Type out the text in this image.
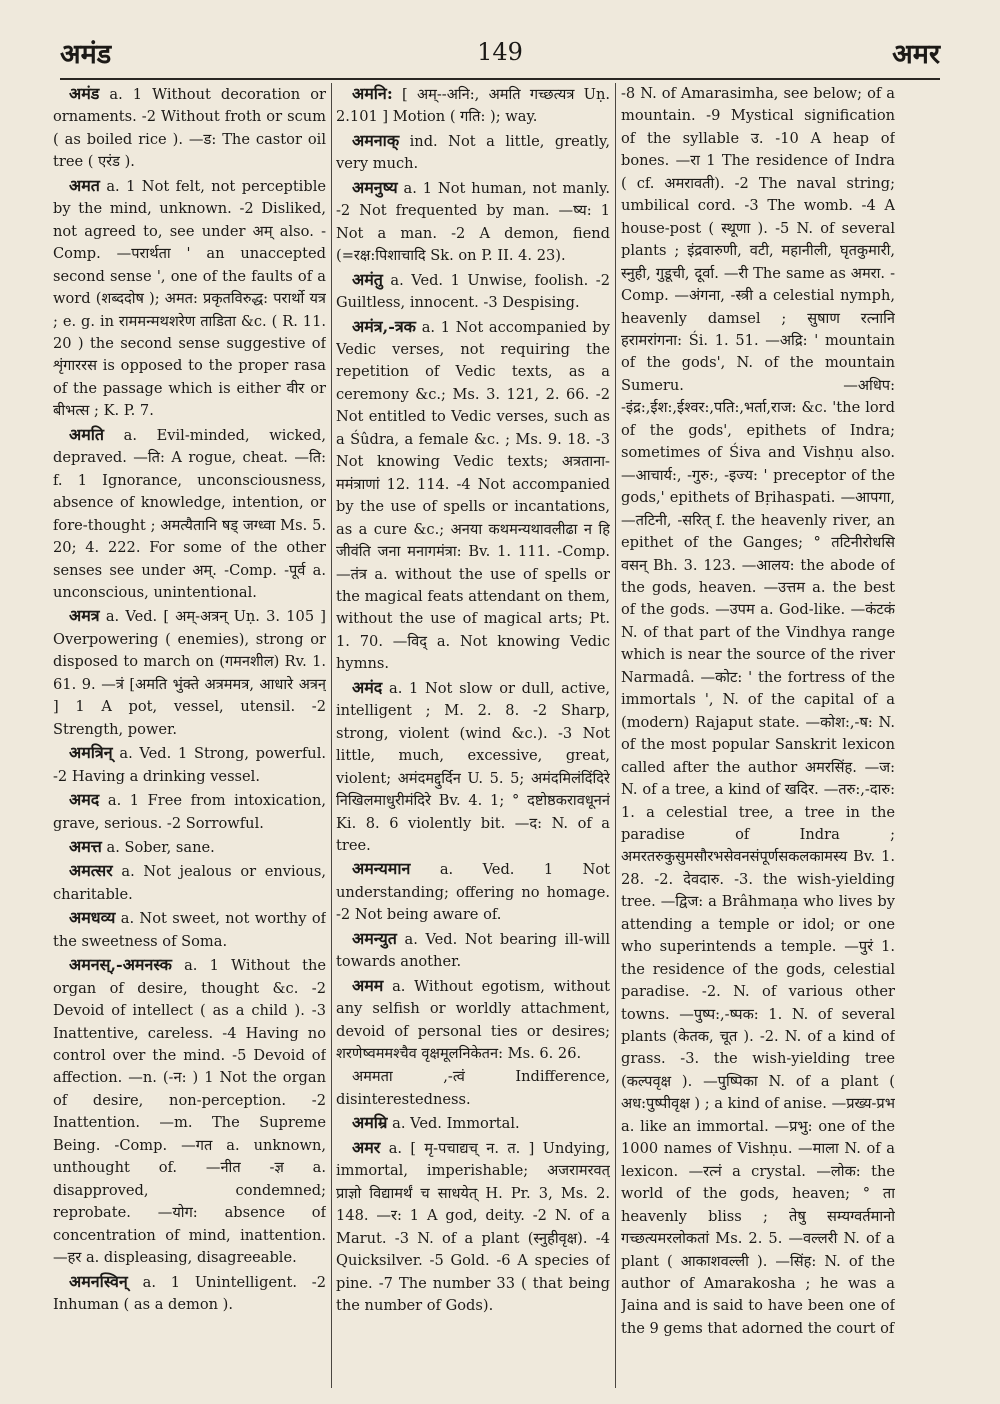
अमंड	149	अमर

अमंड a. 1 Without decoration or ornaments. -2 Without froth or scum ( as boiled rice ). —ड: The castor oil tree ( एरंड ).

अमत a. 1 Not felt, not perceptible by the mind, unknown. -2 Disliked, not agreed to, see under अम् also. -Comp. —परार्थता ' an unaccepted second sense ', one of the faults of a word (शब्ददोष ); अमत: प्रकृतविरुद्ध: परार्थो यत्र ; e. g. in राममन्मथशरेण ताडिता &c. ( R. 11. 20 ) the second sense suggestive of शृंगाररस is opposed to the proper rasa of the passage which is either वीर or बीभत्स ; K. P. 7.

अमति a. Evil-minded, wicked, depraved. —ति: A rogue, cheat. —ति: f. 1 Ignorance, unconsciousness, absence of knowledge, intention, or fore-thought ; अमत्यैतानि षड् जग्ध्वा Ms. 5. 20; 4. 222. For some of the other senses see under अम्. -Comp. -पूर्व a. unconscious, unintentional.

अमत्र a. Ved. [ अम्-अत्रन् Uṇ. 3. 105 ] Overpowering ( enemies), strong or disposed to march on (गमनशील) Rv. 1. 61. 9. —त्रं [अमति भुंक्ते अत्रममत्र, आधारे अत्रन् ] 1 A pot, vessel, utensil. -2 Strength, power.

अमत्रिन् a. Ved. 1 Strong, powerful. -2 Having a drinking vessel.

अमद a. 1 Free from intoxication, grave, serious. -2 Sorrowful.

अमत्त a. Sober, sane.

अमत्सर a. Not jealous or envious, charitable.

अमधव्य a. Not sweet, not worthy of the sweetness of Soma.

अमनस्,-अमनस्क a. 1 Without the organ of desire, thought &c. -2 Devoid of intellect ( as a child ). -3 Inattentive, careless. -4 Having no control over the mind. -5 Devoid of affection. —n. (-न: ) 1 Not the organ of desire, non-perception. -2 Inattention. —m. The Supreme Being. -Comp. —गत a. unknown, unthought of. —नीत -ज्ञ a. disapproved, condemned; reprobate. —योग: absence of concentration of mind, inattention. —हर a. displeasing, disagreeable.

अमनस्विन् a. 1 Unintelligent. -2 Inhuman ( as a demon ).

अमनि: [ अम्--अनि:, अमति गच्छत्यत्र Uṇ. 2.101 ] Motion ( गति: ); way.

अमनाक् ind. Not a little, greatly, very much.

अमनुष्य a. 1 Not human, not manly. -2 Not frequented by man. —ष्य: 1 Not a man. -2 A demon, fiend (=रक्ष:पिशाचादि Sk. on P. II. 4. 23).

अमंतु a. Ved. 1 Unwise, foolish. -2 Guiltless, innocent. -3 Despising.

अमंत्र,-त्रक a. 1 Not accompanied by Vedic verses, not requiring the repetition of Vedic texts, as a ceremony &c.; Ms. 3. 121, 2. 66. -2 Not entitled to Vedic verses, such as a Śûdra, a female &c. ; Ms. 9. 18. -3 Not knowing Vedic texts; अत्रताना-ममंत्राणां 12. 114. -4 Not accompanied by the use of spells or incantations, as a cure &c.; अनया कथमन्यथावलीढा न हि जीवंति जना मनागमंत्रा: Bv. 1. 111. -Comp. —तंत्र a. without the use of spells or the magical feats attendant on them, without the use of magical arts; Pt. 1. 70. —विद् a. Not knowing Vedic hymns.

अमंद a. 1 Not slow or dull, active, intelligent ; M. 2. 8. -2 Sharp, strong, violent (wind &c.). -3 Not little, much, excessive, great, violent; अमंदमद्दुर्दिन U. 5. 5; अमंदमिलंदिंदिरे निखिलमाधुरीमंदिरे Bv. 4. 1; ° दष्टोष्ठकरावधूननं Ki. 8. 6 violently bit. —द: N. of a tree.

अमन्यमान a. Ved. 1 Not understanding; offering no homage. -2 Not being aware of.

अमन्युत a. Ved. Not bearing ill-will towards another.

अमम a. Without egotism, without any selfish or worldly attachment, devoid of personal ties or desires; शरणेष्वममश्चैव वृक्षमूलनिकेतन: Ms. 6. 26.

अममता ,-त्वं Indifference, disinterestedness.

अमम्रि a. Ved. Immortal.

अमर a. [ मृ-पचाद्यच् न. त. ] Undying, immortal, imperishable; अजरामरवत् प्राज्ञो विद्यामर्थं च साधयेत् H. Pr. 3, Ms. 2. 148. —र: 1 A god, deity. -2 N. of a Marut. -3 N. of a plant (स्नुहीवृक्ष). -4 Quicksilver. -5 Gold. -6 A species of pine. -7 The number 33 ( that being the number of Gods).

-8 N. of Amarasimha, see below; of a mountain. -9 Mystical signification of the syllable उ. -10 A heap of bones. —रा 1 The residence of Indra ( cf. अमरावती). -2 The naval string; umbilical cord. -3 The womb. -4 A house-post ( स्थूणा ). -5 N. of several plants ; इंद्रवारुणी, वटी, महानीली, घृतकुमारी, स्नुही, गुडूची, दूर्वा. —री The same as अमरा. -Comp. —अंगना, -स्त्री a celestial nymph, heavenly damsel ; सुषाण रत्नानि हरामरांगना: Śi. 1. 51. —अद्रि: ' mountain of the gods', N. of the mountain Sumeru. —अधिप: -इंद्र:,ईश:,ईश्वर:,पति:,भर्ता,राज: &c. 'the lord of the gods', epithets of Indra; sometimes of Śiva and Vishṇu also. —आचार्य:, -गुरु:, -इज्य: ' preceptor of the gods,' epithets of Bṛihaspati. —आपगा, —तटिनी, -सरित् f. the heavenly river, an epithet of the Ganges; ° तटिनीरोधसि वसन् Bh. 3. 123. —आलय: the abode of the gods, heaven. —उत्तम a. the best of the gods. —उपम a. God-like. —कंटकं N. of that part of the Vindhya range which is near the source of the river Narmadâ. —कोट: ' the fortress of the immortals ', N. of the capital of a (modern) Rajaput state. —कोश:,-ष: N. of the most popular Sanskrit lexicon called after the author अमरसिंह. —ज: N. of a tree, a kind of खदिर. —तरु:,-दारु: 1. a celestial tree, a tree in the paradise of Indra ; अमरतरुकुसुमसौरभसेवनसंपूर्णसकलकामस्य Bv. 1. 28. -2. देवदारु. -3. the wish-yielding tree. —द्विज: a Brâhmaṇa who lives by attending a temple or idol; or one who superintends a temple. —पुरं 1. the residence of the gods, celestial paradise. -2. N. of various other towns. —पुष्प:,-ष्पक: 1. N. of several plants (केतक, चूत ). -2. N. of a kind of grass. -3. the wish-yielding tree (कल्पवृक्ष ). —पुष्पिका N. of a plant ( अध:पुष्पीवृक्ष ) ; a kind of anise. —प्रख्य-प्रभ a. like an immortal. —प्रभु: one of the 1000 names of Vishṇu. —माला N. of a lexicon. —रत्नं a crystal. —लोक: the world of the gods, heaven; ° ता heavenly bliss ; तेषु सम्यग्वर्तमानो गच्छत्यमरलोकतां Ms. 2. 5. —वल्लरी N. of a plant ( आकाशवल्ली ). —सिंह: N. of the author of Amarakosha ; he was a Jaina and is said to have been one of the 9 gems that adorned the court of
